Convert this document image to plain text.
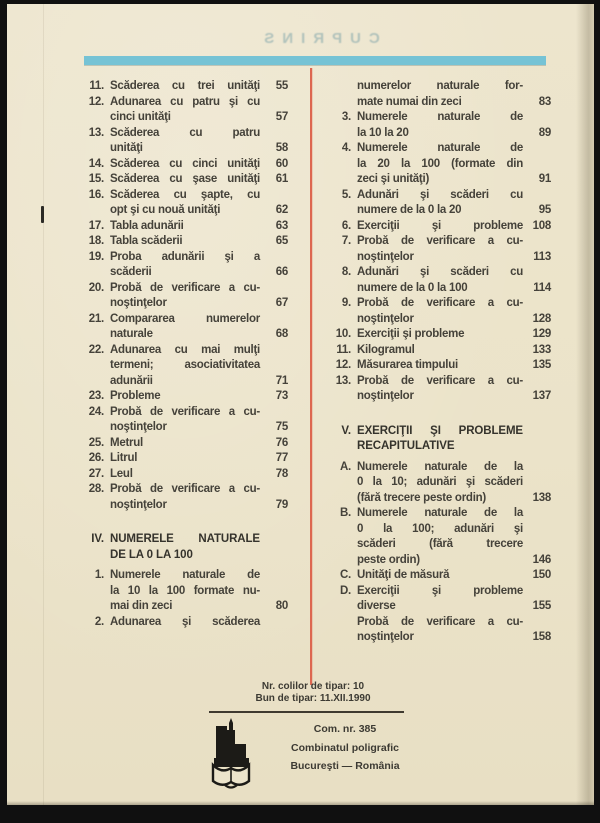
CUPRINS
11. Scăderea cu trei unităţi	55
12. Adunarea cu patru şi cu
cinci unităţi	57
13. Scăderea cu patru
unităţi	58
14. Scăderea cu cinci unităţi	60
15. Scăderea cu şase unităţi	61
16. Scăderea cu şapte, cu
opt şi cu nouă unităţi	62
17. Tabla adunării	63
18. Tabla scăderii	65
19. Proba adunării şi a
scăderii	66
20. Probă de verificare a cu-
noştinţelor	67
21. Compararea numerelor
naturale	68
22. Adunarea cu mai mulţi
termeni; asociativitatea
adunării	71
23. Probleme	73
24. Probă de verificare a cu-
noştinţelor	75
25. Metrul	76
26. Litrul	77
27. Leul	78
28. Probă de verificare a cu-
noştinţelor	79
IV. NUMERELE NATURALE
DE LA 0 LA 100
1. Numerele naturale de
la 10 la 100 formate nu-
mai din zeci	80
2. Adunarea şi scăderea
numerelor naturale for-
mate numai din zeci	83
3. Numerele naturale de
la 10 la 20	89
4. Numerele naturale de
la 20 la 100 (formate din
zeci şi unităţi)	91
5. Adunări şi scăderi cu
numere de la 0 la 20	95
6. Exerciţii şi probleme 108
7. Probă de verificare a cu-
noştinţelor	113
8. Adunări şi scăderi cu
numere de la 0 la 100	114
9. Probă de verificare a cu-
noştinţelor	128
10. Exerciţii şi probleme	129
11. Kilogramul	133
12. Măsurarea timpului	135
13. Probă de verificare a cu-
noştinţelor	137
V. EXERCIŢII ŞI PROBLEME
RECAPITULATIVE
A. Numerele naturale de la
0 la 10; adunări şi scăderi
(fără trecere peste ordin)	138
B. Numerele naturale de la
0 la 100; adunări şi
scăderi (fără trecere
peste ordin)	146
C. Unităţi de măsură	150
D. Exerciţii şi probleme
diverse	155
Probă de verificare a cu-
noştinţelor	158
Nr. colilor de tipar: 10
Bun de tipar: 11.XII.1990
Com. nr. 385
Combinatul poligrafic
Bucureşti — România
